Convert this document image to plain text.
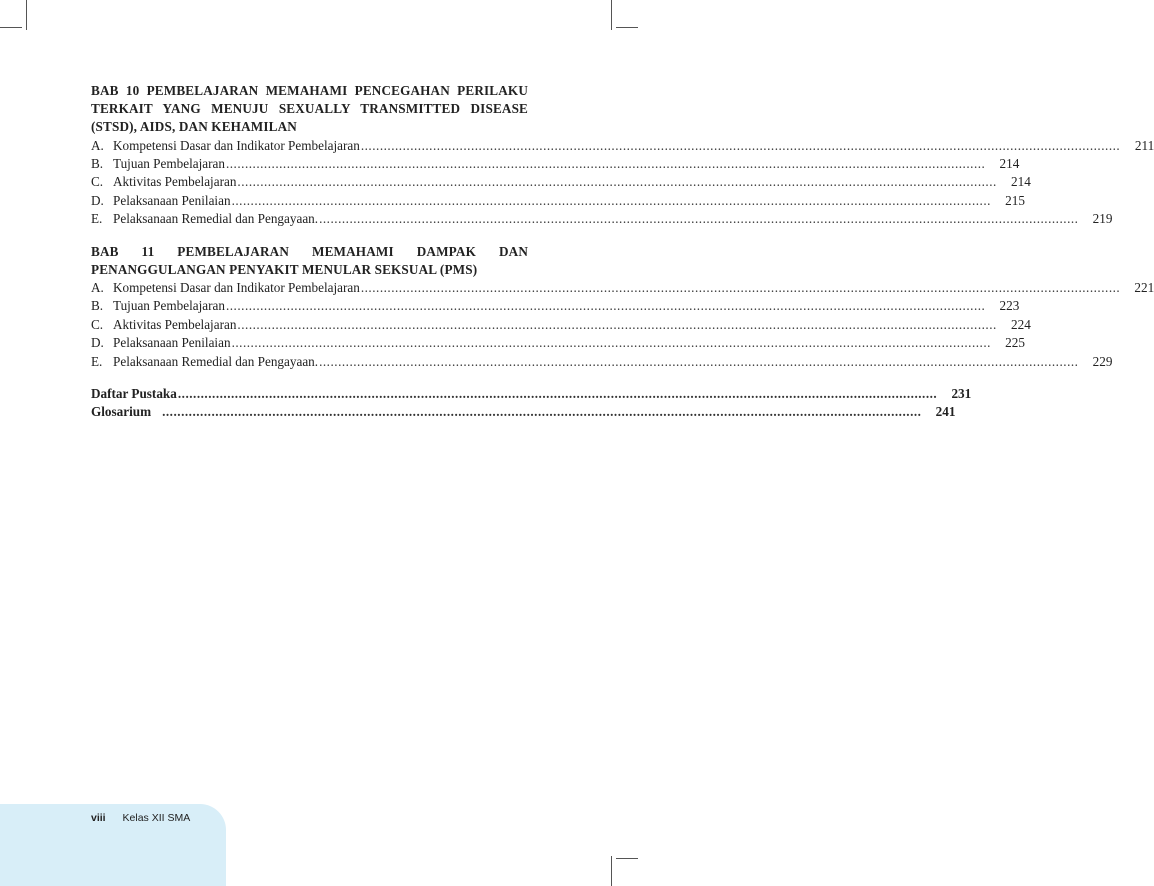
BAB 10 PEMBELAJARAN MEMAHAMI PENCEGAHAN PERILAKU
TERKAIT YANG MENUJU SEXUALLY TRANSMITTED DISEASE
(STSD), AIDS, DAN KEHAMILAN
A. Kompetensi Dasar dan Indikator Pembelajaran ........................................................................................................................................................................................................	211
B. Tujuan Pembelajaran ........................................................................................................................................................................................................	214
C. Aktivitas Pembelajaran ........................................................................................................................................................................................................	214
D. Pelaksanaan Penilaian ........................................................................................................................................................................................................	215
E. Pelaksanaan Remedial dan Pengayaan. ........................................................................................................................................................................................................	219
BAB 11 PEMBELAJARAN MEMAHAMI DAMPAK DAN
PENANGGULANGAN PENYAKIT MENULAR SEKSUAL (PMS)
A. Kompetensi Dasar dan Indikator Pembelajaran ........................................................................................................................................................................................................	221
B. Tujuan Pembelajaran ........................................................................................................................................................................................................	223
C. Aktivitas Pembelajaran ........................................................................................................................................................................................................	224
D. Pelaksanaan Penilaian ........................................................................................................................................................................................................	225
E. Pelaksanaan Remedial dan Pengayaan. ........................................................................................................................................................................................................	229
Daftar Pustaka ........................................................................................................................................................................................................	231
Glosarium ........................................................................................................................................................................................................	241
viii Kelas XII SMA
